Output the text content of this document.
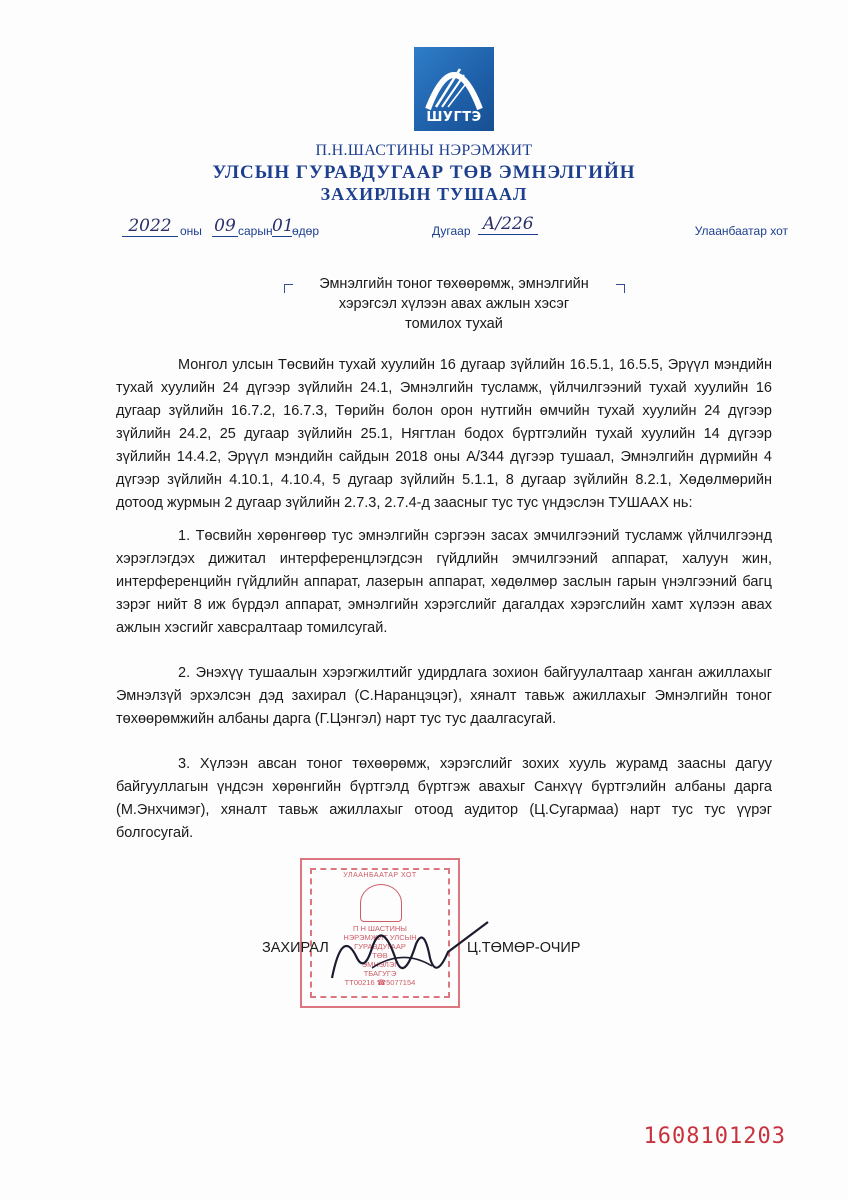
ШУГТЭ
П.Н.ШАСТИНЫ НЭРЭМЖИТ
УЛСЫН ГУРАВДУГААР ТӨВ ЭМНЭЛГИЙН
ЗАХИРЛЫН ТУШААЛ
2022 оны 09 сарын 01
өдөр	Дугаар А/226	Улаанбаатар хот
Эмнэлгийн тоног төхөөрөмж, эмнэлгийн
хэрэгсэл хүлээн авах ажлын хэсэг
томилох тухай

Монгол улсын Төсвийн тухай хуулийн 16 дугаар зүйлийн 16.5.1, 16.5.5, Эрүүл мэндийн тухай хуулийн 24 дүгээр зүйлийн 24.1, Эмнэлгийн тусламж, үйлчилгээний тухай хуулийн 16 дугаар зүйлийн 16.7.2, 16.7.3, Төрийн болон орон нутгийн өмчийн тухай хуулийн 24 дүгээр зүйлийн 24.2, 25 дугаар зүйлийн 25.1, Нягтлан бодох бүртгэлийн тухай хуулийн 14 дүгээр зүйлийн 14.4.2, Эрүүл мэндийн сайдын 2018 оны А/344 дүгээр тушаал, Эмнэлгийн дүрмийн 4 дүгээр зүйлийн 4.10.1, 4.10.4, 5 дугаар зүйлийн 5.1.1, 8 дугаар зүйлийн 8.2.1, Хөдөлмөрийн дотоод журмын 2 дугаар зүйлийн 2.7.3, 2.7.4-д заасныг тус тус үндэслэн ТУШААХ нь:

1. Төсвийн хөрөнгөөр тус эмнэлгийн сэргээн засах эмчилгээний тусламж үйлчилгээнд хэрэглэгдэх дижитал интерференцлэгдсэн гүйдлийн эмчилгээний аппарат, халуун жин, интерференцийн гүйдлийн аппарат, лазерын аппарат, хөдөлмөр заслын гарын үнэлгээний багц зэрэг нийт 8 иж бүрдэл аппарат, эмнэлгийн хэрэгслийг дагалдах хэрэгслийн хамт хүлээн авах ажлын хэсгийг хавсралтаар томилсугай.

2. Энэхүү тушаалын хэрэгжилтийг удирдлага зохион байгуулалтаар ханган ажиллахыг Эмнэлзүй эрхэлсэн дэд захирал (С.Наранцэцэг), хяналт тавьж ажиллахыг Эмнэлгийн тоног төхөөрөмжийн албаны дарга (Г.Цэнгэл) нарт тус тус даалгасугай.

3. Хүлээн авсан тоног төхөөрөмж, хэрэгслийг зохих хууль журамд заасны дагуу байгууллагын үндсэн хөрөнгийн бүртгэлд бүртгэж авахыг Санхүү бүртгэлийн албаны дарга (М.Энхчимэг), хяналт тавьж ажиллахыг отоод аудитор (Ц.Сугармаа) нарт тус тус үүрэг болгосугай.

УЛААНБААТАР ХОТ
П Н ШАСТИНЫ
НЭРЭМЖИТ УЛСЫН
ГУРАВДУГААР
ТӨВ
ЭМНЭЛЭГ
ТБАГУГЭ
ТТ00216 ☎5077154
ЗАХИРАЛ	Ц.ТӨМӨР-ОЧИР
1608101203
